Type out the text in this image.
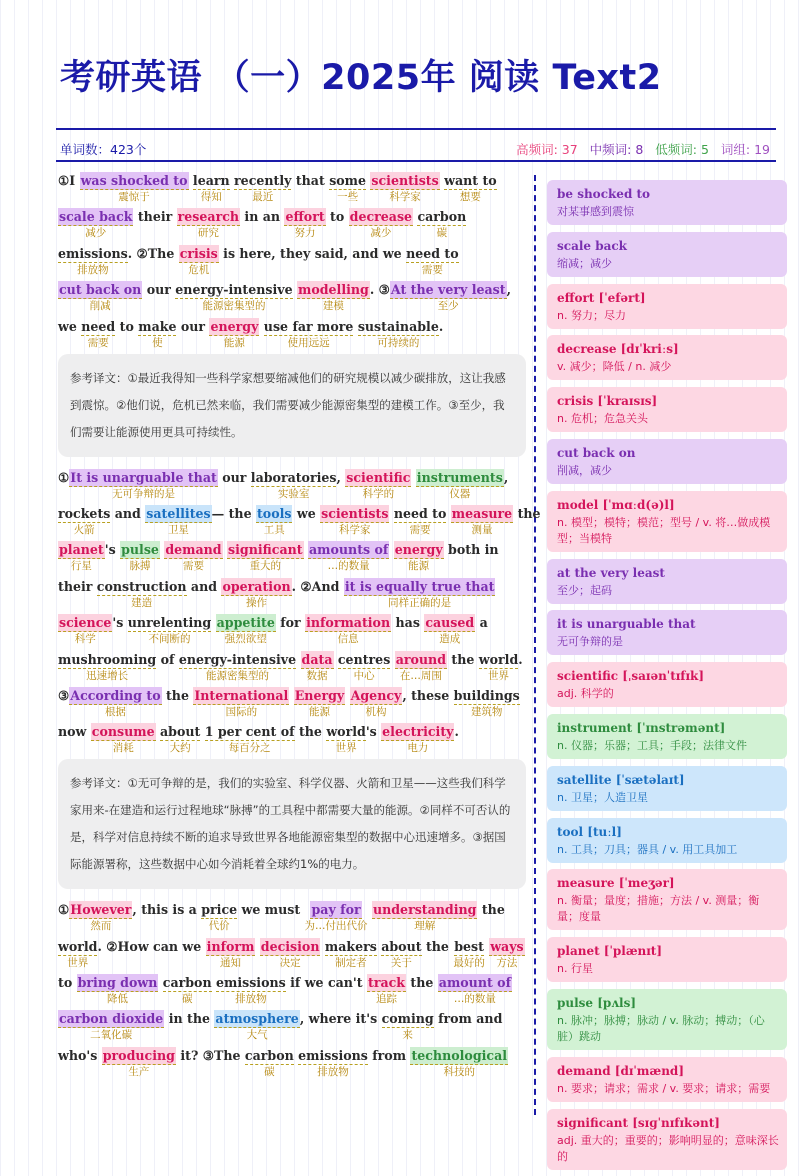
考研英语 （一）2025年 阅读 Text2
单词数：423个	高频词: 37 中频词: 8 低频词: 5 词组: 19
①I was shocked to
震惊于

learn
得知

recently
最近
that some
一些

scientists
科学家

want to
想要
scale back
减少
their research
研究
in an effort
努力
to decrease
减少

carbon
碳
emissions
排放物
. ②The crisis
危机
is here, they said, and we need to
需要
cut back on
削减
our energy-intensive
能源密集型的

modelling
建模
. ③ At the very least
至少
,
we need
需要
to make
使
our energy
能源

use far more
使用远远

sustainable
可持续的
.
参考译文：①最近我得知一些科学家想要缩减他们的研究规模以减少碳排放，这让我感到震惊。②他们说，危机已然来临，我们需要减少能源密集型的建模工作。③至少，我们需要让能源使用更具可持续性。
① It is unarguable that
无可争辩的是
our laboratories
实验室
, scientific
科学的

instruments
仪器
,
rockets
火箭
and satellites
卫星
— the tools
工具
we scientists
科学家

need to
需要

measure
测量
the
planet
行星
's pulse
脉搏

demand
需要

significant
重大的

amounts of
…的数量

energy
能源
both in
their construction
建造
and operation
操作
. ②And it is equally true that
同样正确的是
science
科学
's unrelenting
不间断的

appetite
强烈欲望
for information
信息
has caused
造成
a
mushrooming
迅速增长
of energy-intensive
能源密集型的

data
数据

centres
中心

around
在…周围
the world
世界
.
③ According to
根据
the International
国际的

Energy
能源

Agency
机构
, these buildings
建筑物
now consume
消耗

about
大约

1 per cent of
每百分之
the world
世界
's electricity
电力
.
参考译文：①无可争辩的是，我们的实验室、科学仪器、火箭和卫星——这些我们科学家用来-在建造和运行过程地球“脉搏”的工具程中都需要大量的能源。②同样不可否认的是，科学对信息持续不断的追求导致世界各地能源密集型的数据中心迅速增多。③据国际能源署称，这些数据中心如今消耗着全球约1%的电力。
① However
然而
, this is a price
代价
we must pay for
为…付出代价

understanding
理解
the
world
世界
. ②How can we inform
通知

decision
决定

makers
制定者

about
关于
the best
最好的

ways
方法
to bring down
降低

carbon
碳

emissions
排放物
if we can't track
追踪
the amount of
…的数量
carbon dioxide
二氧化碳
in the atmosphere
大气
, where it's coming
来
from and
who's producing
生产
it? ③The carbon
碳

emissions
排放物
from technological
科技的
be shocked to
对某事感到震惊
scale back
缩减；减少
effort [ˈefərt]
n. 努力；尽力
decrease [dɪˈkriːs]
v. 减少；降低 / n. 减少
crisis [ˈkraɪsɪs]
n. 危机；危急关头
cut back on
削减，减少
model [ˈmɑːd(ə)l]
n. 模型；模特；模范；型号 / v. 将…做成模型；当模特
at the very least
至少；起码
it is unarguable that
无可争辩的是
scientific [ˌsaɪənˈtɪfɪk]
adj. 科学的
instrument [ˈɪnstrəmənt]
n. 仪器；乐器；工具；手段；法律文件
satellite [ˈsætəlaɪt]
n. 卫星；人造卫星
tool [tuːl]
n. 工具；刀具；器具 / v. 用工具加工
measure [ˈmeʒər]
n. 衡量；量度；措施；方法 / v. 测量；衡量；度量
planet [ˈplænɪt]
n. 行星
pulse [pʌls]
n. 脉冲；脉搏；脉动 / v. 脉动；搏动；（心脏）跳动
demand [dɪˈmænd]
n. 要求；请求；需求 / v. 要求；请求；需要
significant [sɪɡˈnɪfɪkənt]
adj. 重大的；重要的；影响明显的；意味深长的
